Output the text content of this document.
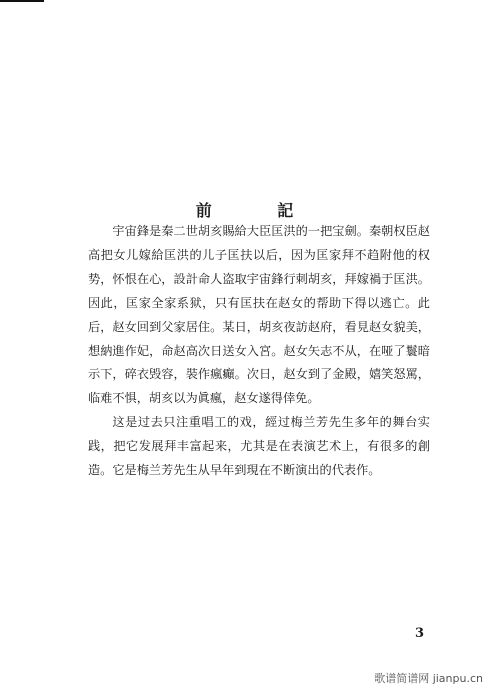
前 記

宇宙鋒是秦二世胡亥賜給大臣匡洪的一把宝劍。秦朝权臣赵高把女儿嫁給匡洪的儿子匡扶以后，因为匡家拜不趋附他的权势，怀恨在心，設計命人盗取宇宙鋒行刺胡亥，拜嫁禍于匡洪。因此，匡家全家系狱，只有匡扶在赵女的帮助下得以逃亡。此后，赵女回到父家居住。某日，胡亥夜訪赵府，看見赵女貌美，想納進作妃，命赵高次日送女入宮。赵女矢志不从，在哑了鬟暗示下，碎衣毁容，裝作瘋癲。次日，赵女到了金殿，嬉笑怒罵，临难不惧，胡亥以为眞瘋，赵女遂得倖免。

这是过去只注重唱工的戏，經过梅兰芳先生多年的舞台实践，把它发展拜丰富起来，尤其是在表演艺术上，有很多的創造。它是梅兰芳先生从早年到現在不断演出的代表作。

3
歌谱简谱网 jianpu.cn
